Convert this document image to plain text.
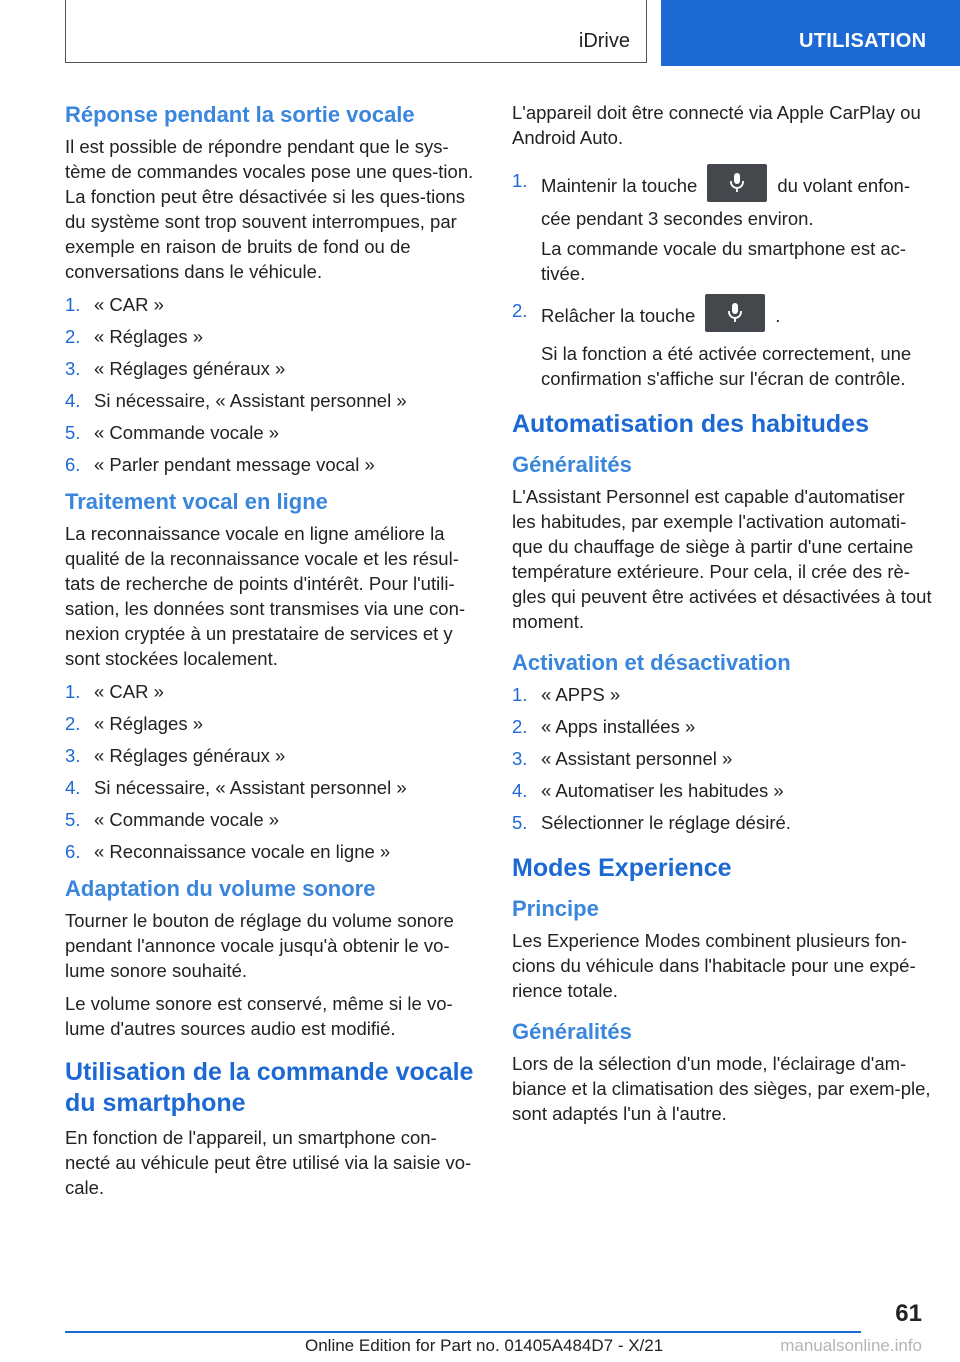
iDrive	UTILISATION
Réponse pendant la sortie vocale

Il est possible de répondre pendant que le sys‐tème de commandes vocales pose une ques‐tion. La fonction peut être désactivée si les ques‐tions du système sont trop souvent interrompues, par exemple en raison de bruits de fond ou de conversations dans le véhicule.

1. « CAR »
2. « Réglages »
3. « Réglages généraux »
4. Si nécessaire, « Assistant personnel »
5. « Commande vocale »
6. « Parler pendant message vocal »
Traitement vocal en ligne

La reconnaissance vocale en ligne améliore la qualité de la reconnaissance vocale et les résul‐tats de recherche de points d'intérêt. Pour l'utili‐sation, les données sont transmises via une con‐nexion cryptée à un prestataire de services et y sont stockées localement.

1. « CAR »
2. « Réglages »
3. « Réglages généraux »
4. Si nécessaire, « Assistant personnel »
5. « Commande vocale »
6. « Reconnaissance vocale en ligne »
Adaptation du volume sonore

Tourner le bouton de réglage du volume sonore pendant l'annonce vocale jusqu'à obtenir le vo‐lume sonore souhaité.

Le volume sonore est conservé, même si le vo‐lume d'autres sources audio est modifié.

Utilisation de la commande vocale du smartphone

En fonction de l'appareil, un smartphone con‐necté au véhicule peut être utilisé via la saisie vo‐cale.

L'appareil doit être connecté via Apple CarPlay ou Android Auto.

1. Maintenir la touche	du volant enfon‐cée pendant 3 secondes environ.

La commande vocale du smartphone est ac‐tivée.

2. Relâcher la touche	.

Si la fonction a été activée correctement, une confirmation s'affiche sur l'écran de contrôle.

Automatisation des habitudes
Généralités

L'Assistant Personnel est capable d'automatiser les habitudes, par exemple l'activation automati‐que du chauffage de siège à partir d'une certaine température extérieure. Pour cela, il crée des rè‐gles qui peuvent être activées et désactivées à tout moment.

Activation et désactivation
1. « APPS »
2. « Apps installées »
3. « Assistant personnel »
4. « Automatiser les habitudes »
5. Sélectionner le réglage désiré.
Modes Experience
Principe

Les Experience Modes combinent plusieurs fon‐cions du véhicule dans l'habitacle pour une expé‐rience totale.

Généralités

Lors de la sélection d'un mode, l'éclairage d'am‐biance et la climatisation des sièges, par exem‐ple, sont adaptés l'un à l'autre.

61
Online Edition for Part no. 01405A484D7 - X/21	manualsonline.info
